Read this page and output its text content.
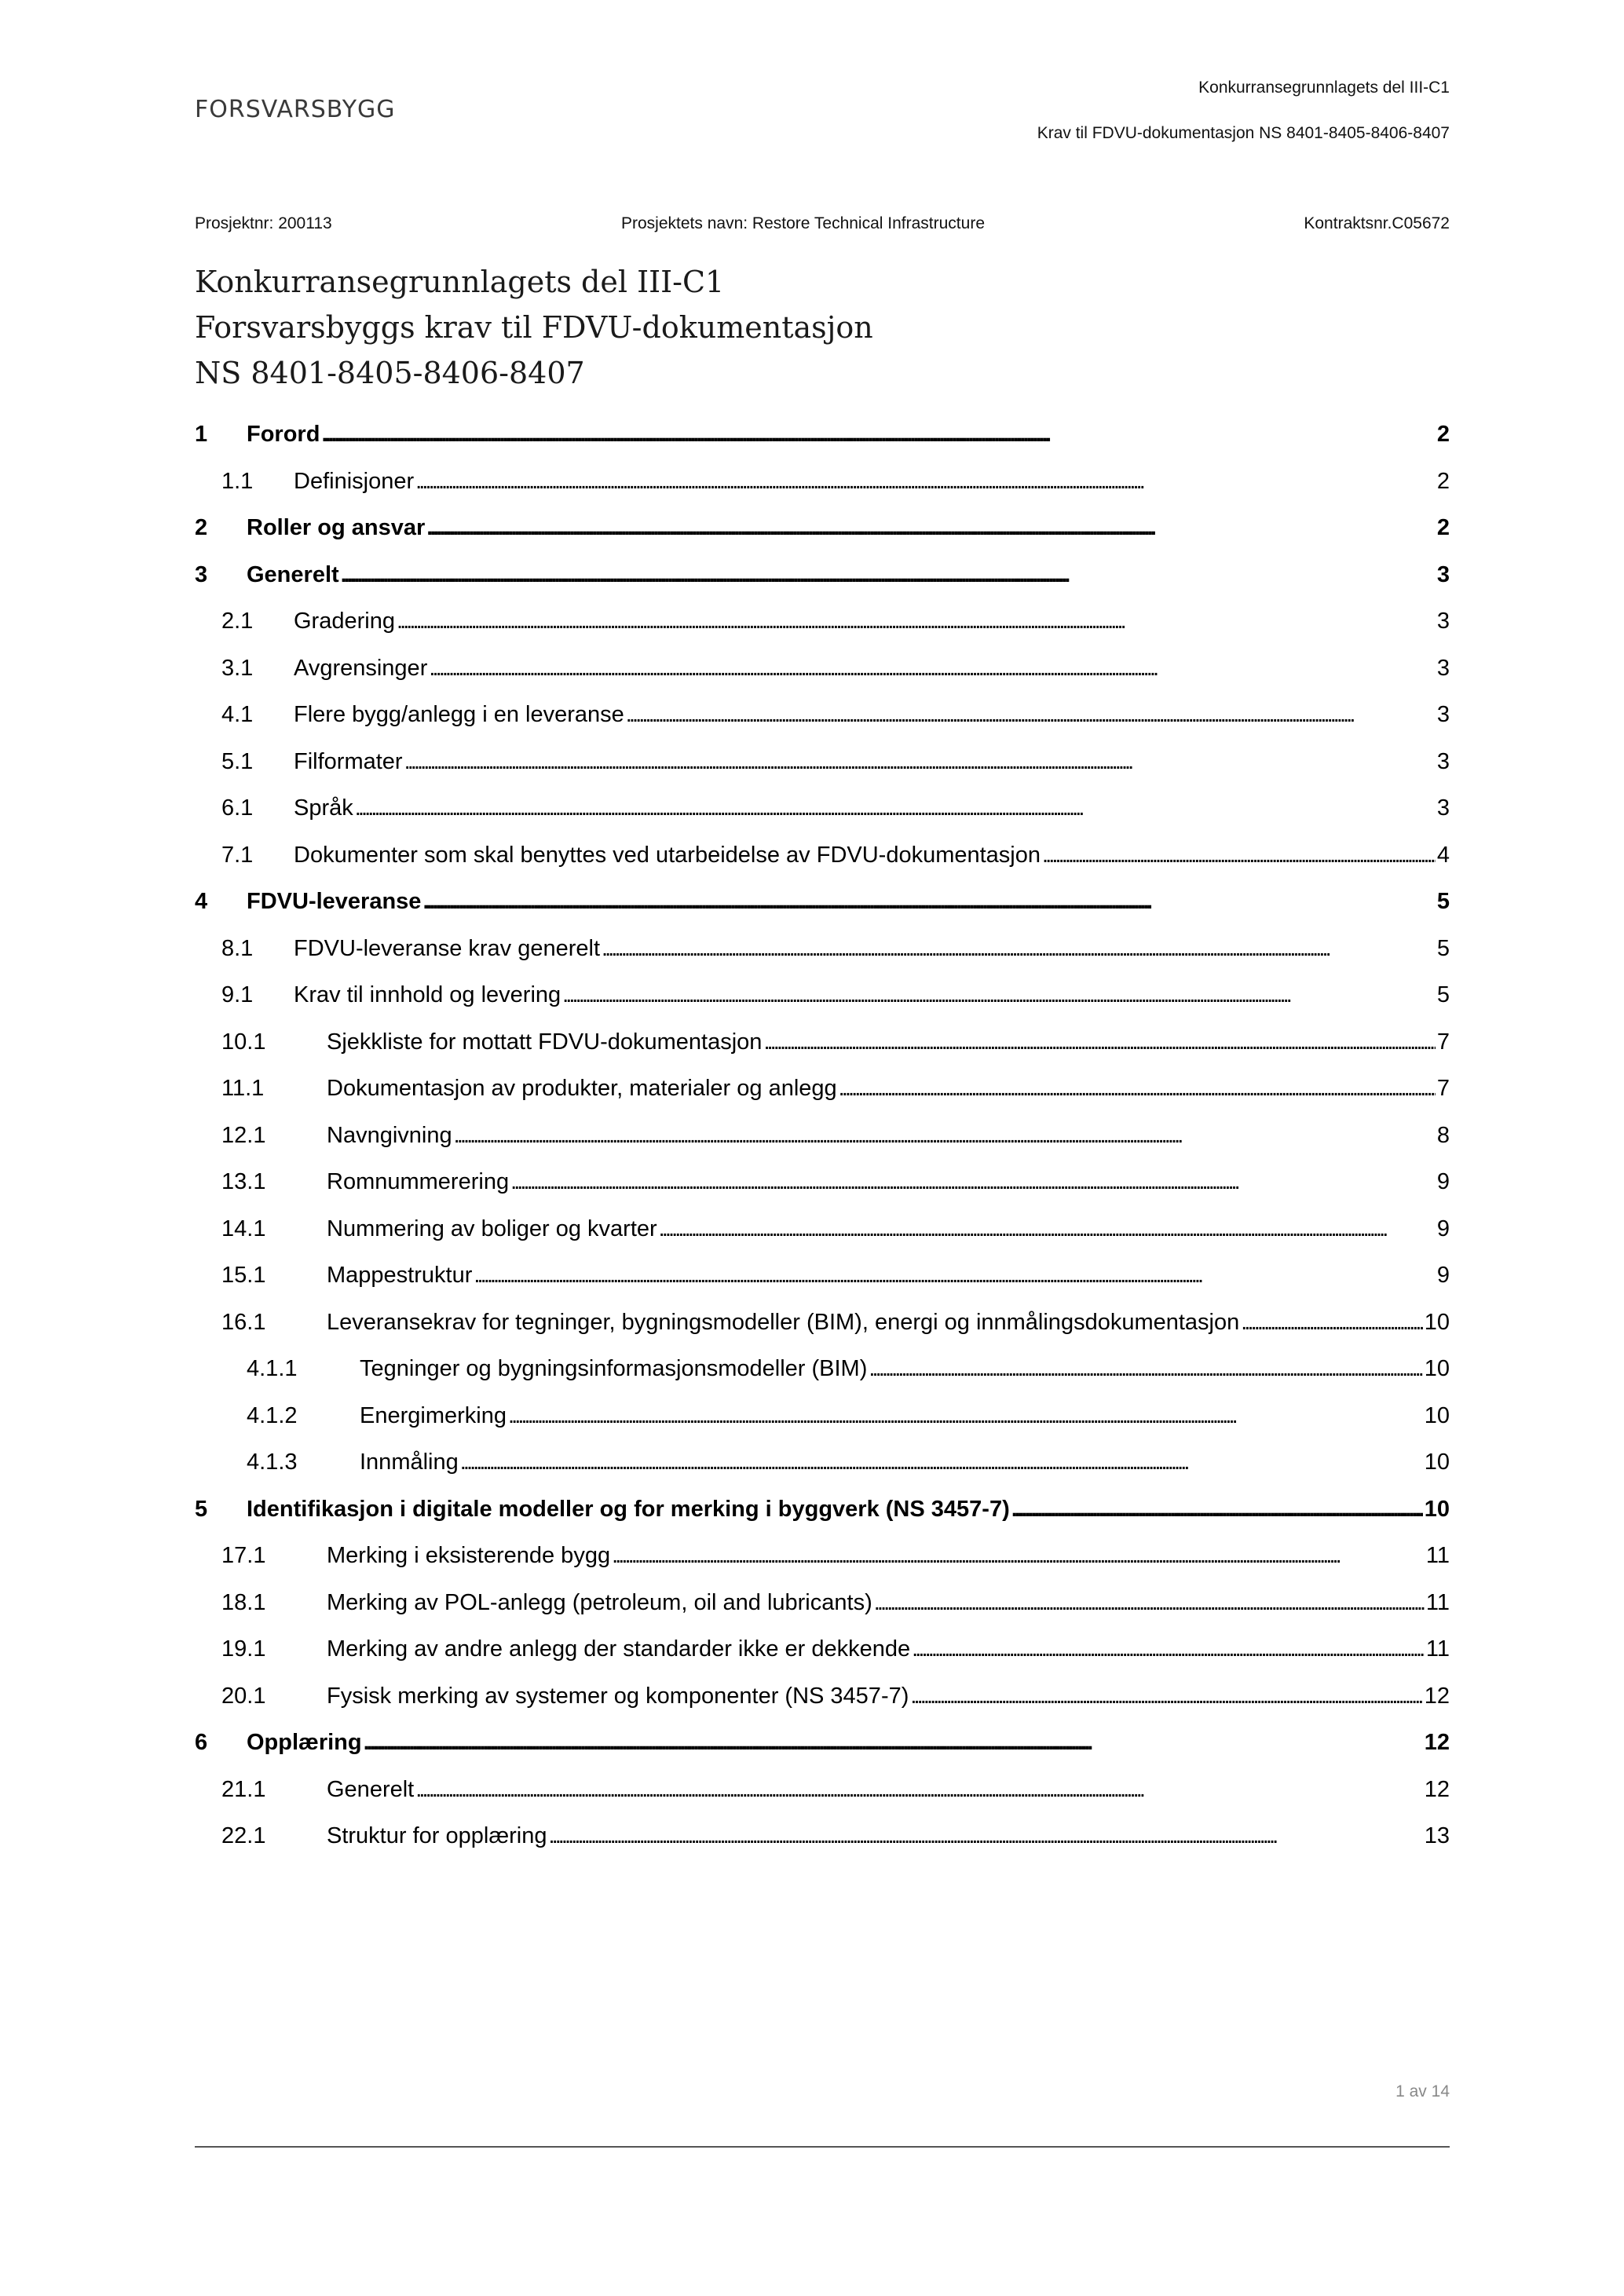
FORSVARSBYGG
Konkurransegrunnlagets del III-C1
Krav til FDVU-dokumentasjon NS 8401-8405-8406-8407
Prosjektnr: 200113	Prosjektets navn: Restore Technical Infrastructure	Kontraktsnr.C05672
Konkurransegrunnlagets del III-C1
Forsvarsbyggs krav til FDVU-dokumentasjon
NS 8401-8405-8406-8407
1	Forord . . .	2
1.1	Definisjoner . . .	2
2	Roller og ansvar . . .	2
3	Generelt . . .	3
2.1	Gradering . . .	3
3.1	Avgrensinger . . .	3
4.1	Flere bygg/anlegg i en leveranse . . .	3
5.1	Filformater . . .	3
6.1	Språk . . .	3
7.1	Dokumenter som skal benyttes ved utarbeidelse av FDVU-dokumentasjon . . .	4
4	FDVU-leveranse . . .	5
8.1	FDVU-leveranse krav generelt . . .	5
9.1	Krav til innhold og levering . . .	5
10.1	Sjekkliste for mottatt FDVU-dokumentasjon . . .	7
11.1	Dokumentasjon av produkter, materialer og anlegg . . .	7
12.1	Navngivning . . .	8
13.1	Romnummerering . . .	9
14.1	Nummering av boliger og kvarter . . .	9
15.1	Mappestruktur . . .	9
16.1	Leveransekrav for tegninger, bygningsmodeller (BIM), energi og innmålingsdokumentasjon . . .	10
4.1.1	Tegninger og bygningsinformasjonsmodeller (BIM) . . .	10
4.1.2	Energimerking . . .	10
4.1.3	Innmåling . . .	10
5	Identifikasjon i digitale modeller og for merking i byggverk (NS 3457-7) . . .	10
17.1	Merking i eksisterende bygg . . .	11
18.1	Merking av POL-anlegg (petroleum, oil and lubricants) . . .	11
19.1	Merking av andre anlegg der standarder ikke er dekkende . . .	11
20.1	Fysisk merking av systemer og komponenter (NS 3457-7) . . .	12
6	Opplæring . . .	12
21.1	Generelt . . .	12
22.1	Struktur for opplæring . . .	13
1 av 14
